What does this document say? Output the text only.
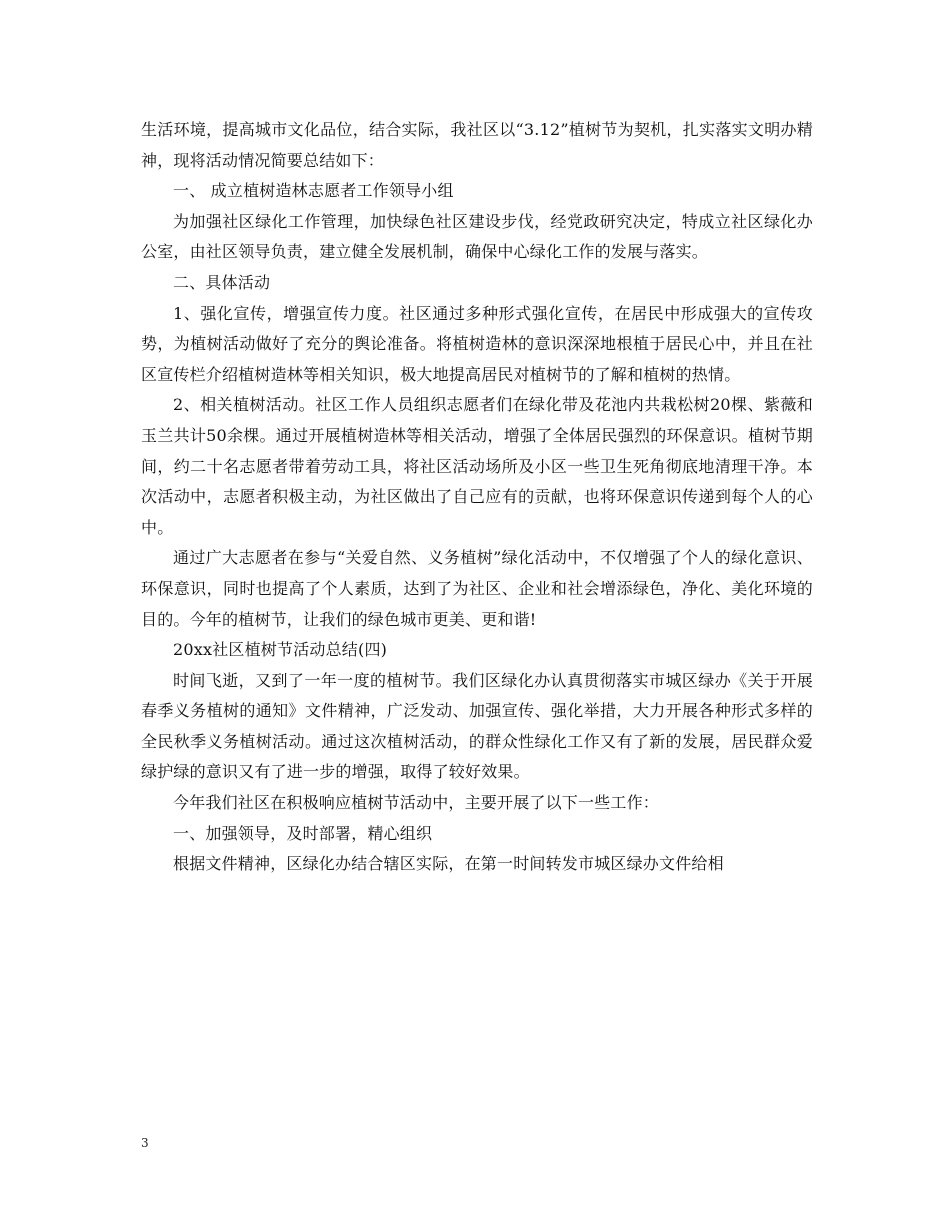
生活环境，提高城市文化品位，结合实际，我社区以“3.12”植树节为契机，扎实落实文明办精神，现将活动情况简要总结如下：

一、 成立植树造林志愿者工作领导小组

为加强社区绿化工作管理，加快绿色社区建设步伐，经党政研究决定，特成立社区绿化办公室，由社区领导负责，建立健全发展机制，确保中心绿化工作的发展与落实。

二、具体活动

1、强化宣传，增强宣传力度。社区通过多种形式强化宣传，在居民中形成强大的宣传攻势，为植树活动做好了充分的舆论准备。将植树造林的意识深深地根植于居民心中，并且在社区宣传栏介绍植树造林等相关知识，极大地提高居民对植树节的了解和植树的热情。

2、相关植树活动。社区工作人员组织志愿者们在绿化带及花池内共栽松树20棵、紫薇和玉兰共计50余棵。通过开展植树造林等相关活动，增强了全体居民强烈的环保意识。植树节期间，约二十名志愿者带着劳动工具，将社区活动场所及小区一些卫生死角彻底地清理干净。本次活动中，志愿者积极主动，为社区做出了自己应有的贡献，也将环保意识传递到每个人的心中。

通过广大志愿者在参与“关爱自然、义务植树”绿化活动中，不仅增强了个人的绿化意识、环保意识，同时也提高了个人素质，达到了为社区、企业和社会增添绿色，净化、美化环境的目的。今年的植树节，让我们的绿色城市更美、更和谐!

20xx社区植树节活动总结(四)

时间飞逝，又到了一年一度的植树节。我们区绿化办认真贯彻落实市城区绿办《关于开展春季义务植树的通知》文件精神，广泛发动、加强宣传、强化举措，大力开展各种形式多样的全民秋季义务植树活动。通过这次植树活动，的群众性绿化工作又有了新的发展，居民群众爱绿护绿的意识又有了进一步的增强，取得了较好效果。

今年我们社区在积极响应植树节活动中，主要开展了以下一些工作：

一、加强领导，及时部署，精心组织

根据文件精神，区绿化办结合辖区实际，在第一时间转发市城区绿办文件给相

3
